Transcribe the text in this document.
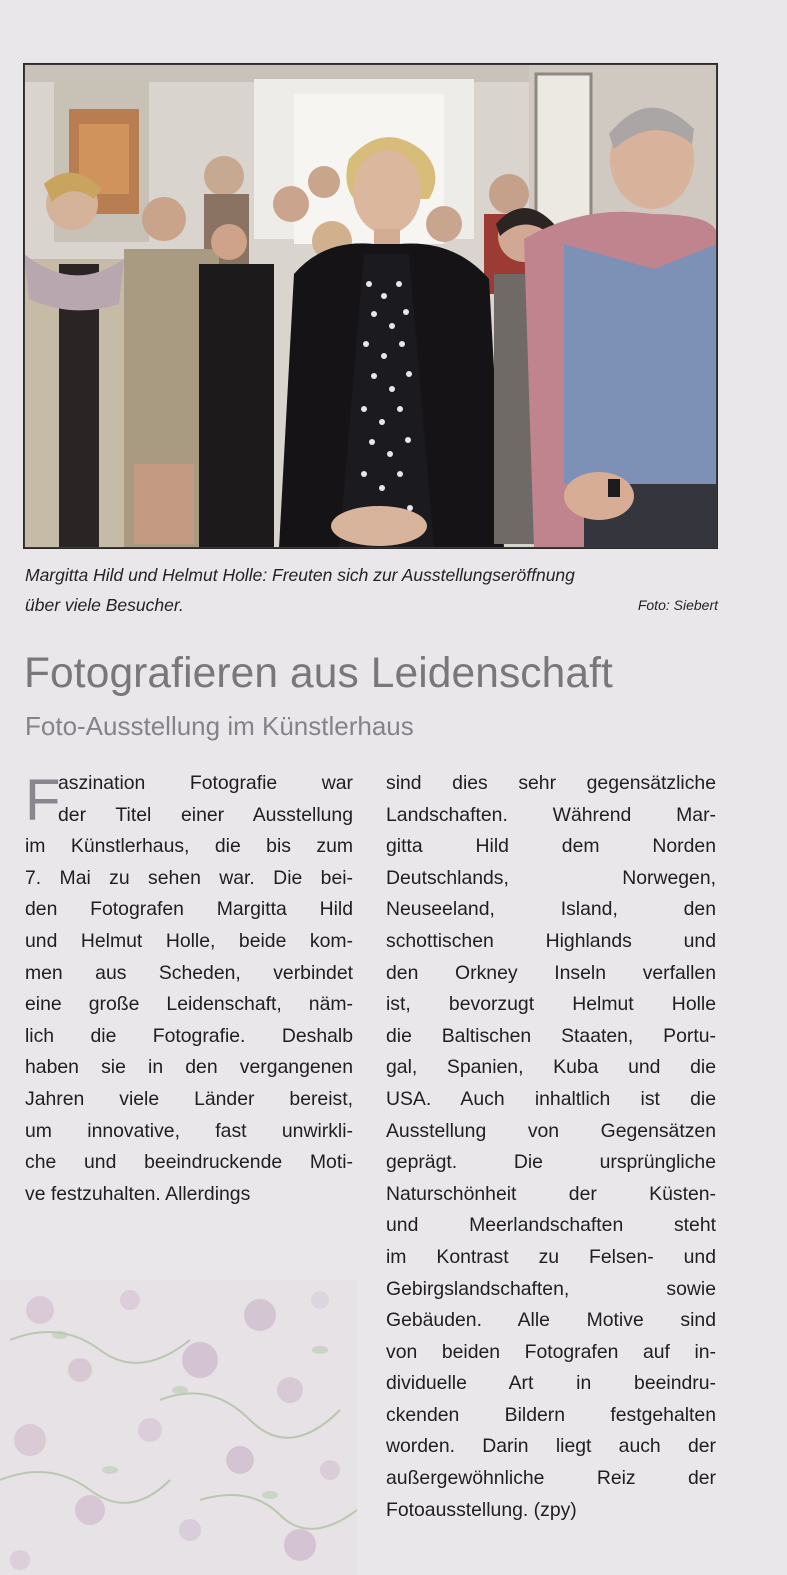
Margitta Hild und Helmut Holle: Freuten sich zur Ausstellungseröffnung
über viele Besucher.	Foto: Siebert
Fotografieren aus Leidenschaft
Foto-Ausstellung im Künstlerhaus
F
aszination Fotografie war
der Titel einer Ausstellung
im Künstlerhaus, die bis zum
7. Mai zu sehen war. Die bei-
den Fotografen Margitta Hild
und Helmut Holle, beide kom-
men aus Scheden, verbindet
eine große Leidenschaft, näm-
lich die Fotografie. Deshalb
haben sie in den vergangenen
Jahren viele Länder bereist,
um innovative, fast unwirkli-
che und beeindruckende Moti-
ve festzuhalten. Allerdings
sind dies sehr gegensätzliche
Landschaften. Während Mar-
gitta Hild dem Norden
Deutschlands, Norwegen,
Neuseeland, Island, den
schottischen Highlands und
den Orkney Inseln verfallen
ist, bevorzugt Helmut Holle
die Baltischen Staaten, Portu-
gal, Spanien, Kuba und die
USA. Auch inhaltlich ist die
Ausstellung von Gegensätzen
geprägt. Die ursprüngliche
Naturschönheit der Küsten-
und Meerlandschaften steht
im Kontrast zu Felsen- und
Gebirgslandschaften, sowie
Gebäuden. Alle Motive sind
von beiden Fotografen auf in-
dividuelle Art in beeindru-
ckenden Bildern festgehalten
worden. Darin liegt auch der
außergewöhnliche Reiz der
Fotoausstellung. (zpy)
